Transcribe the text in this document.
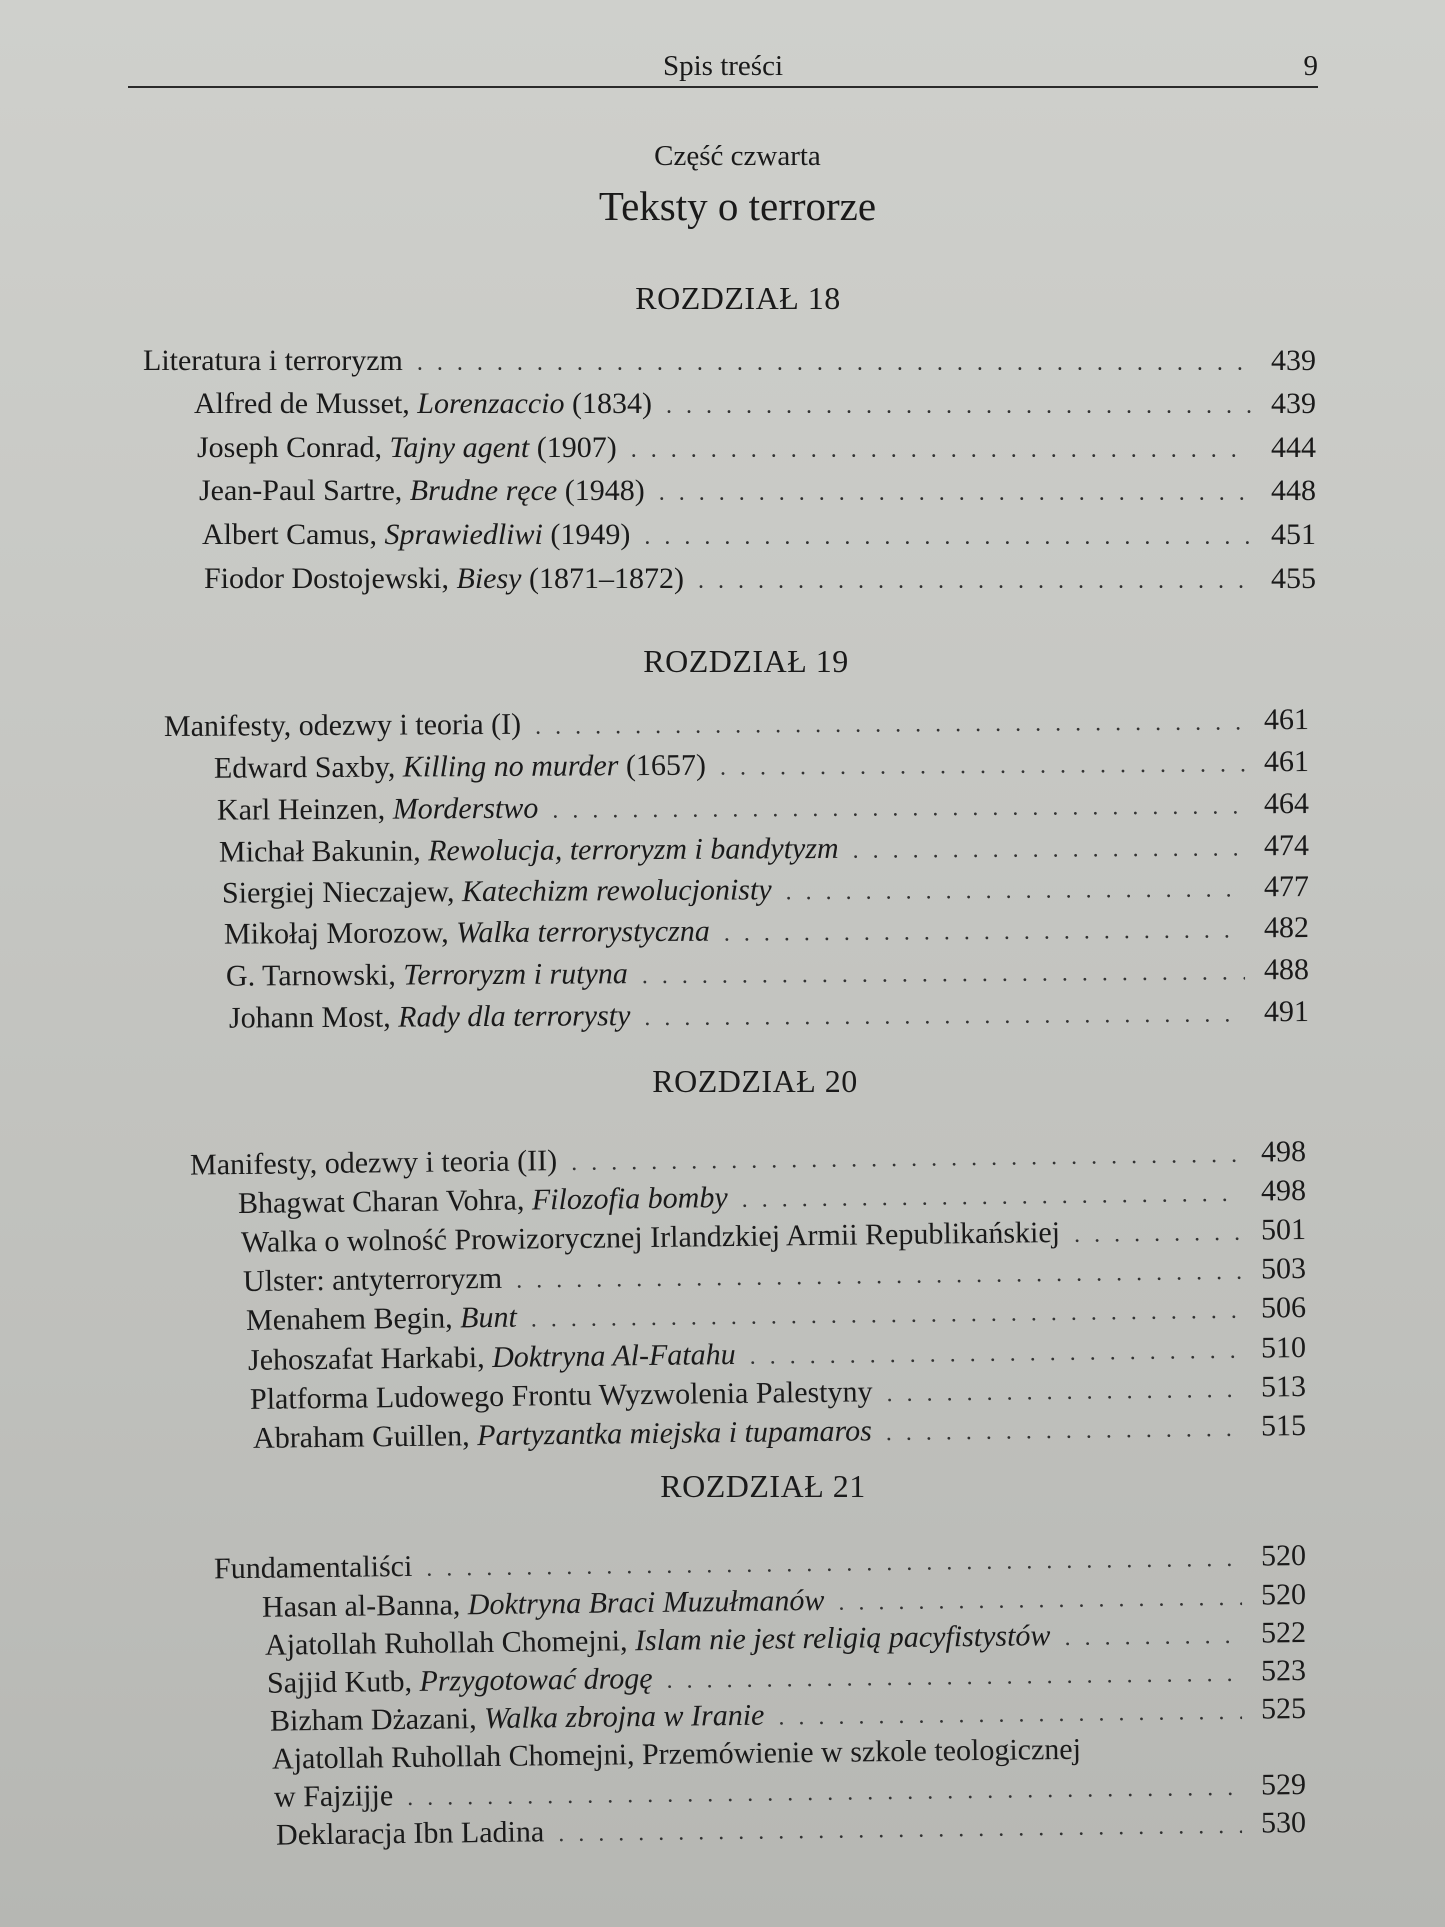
Spis treści	9
Część czwarta
Teksty o terrorze
ROZDZIAŁ 18
Literatura i terroryzm . . .	439
Alfred de Musset, Lorenzaccio (1834) . . .	439
Joseph Conrad, Tajny agent (1907) . . .	444
Jean-Paul Sartre, Brudne ręce (1948) . . .	448
Albert Camus, Sprawiedliwi (1949) . . .	451
Fiodor Dostojewski, Biesy (1871–1872) . . .	455
ROZDZIAŁ 19
Manifesty, odezwy i teoria (I) . . .	461
Edward Saxby, Killing no murder (1657) . . .	461
Karl Heinzen, Morderstwo . . .	464
Michał Bakunin, Rewolucja, terroryzm i bandytyzm . . .	474
Siergiej Nieczajew, Katechizm rewolucjonisty . . .	477
Mikołaj Morozow, Walka terrorystyczna . . .	482
G. Tarnowski, Terroryzm i rutyna . . .	488
Johann Most, Rady dla terrorysty . . .	491
ROZDZIAŁ 20
Manifesty, odezwy i teoria (II) . . .	498
Bhagwat Charan Vohra, Filozofia bomby . . .	498
Walka o wolność Prowizorycznej Irlandzkiej Armii Republikańskiej . . .	501
Ulster: antyterroryzm . . .	503
Menahem Begin, Bunt . . .	506
Jehoszafat Harkabi, Doktryna Al-Fatahu . . .	510
Platforma Ludowego Frontu Wyzwolenia Palestyny . . .	513
Abraham Guillen, Partyzantka miejska i tupamaros . . .	515
ROZDZIAŁ 21
Fundamentaliści . . .	520
Hasan al-Banna, Doktryna Braci Muzułmanów . . .	520
Ajatollah Ruhollah Chomejni, Islam nie jest religią pacyfistystów . . .	522
Sajjid Kutb, Przygotować drogę . . .	523
Bizham Dżazani, Walka zbrojna w Iranie . . .	525
Ajatollah Ruhollah Chomejni, Przemówienie w szkole teologicznej
w Fajzijje . . .	529
Deklaracja Ibn Ladina . . .	530
